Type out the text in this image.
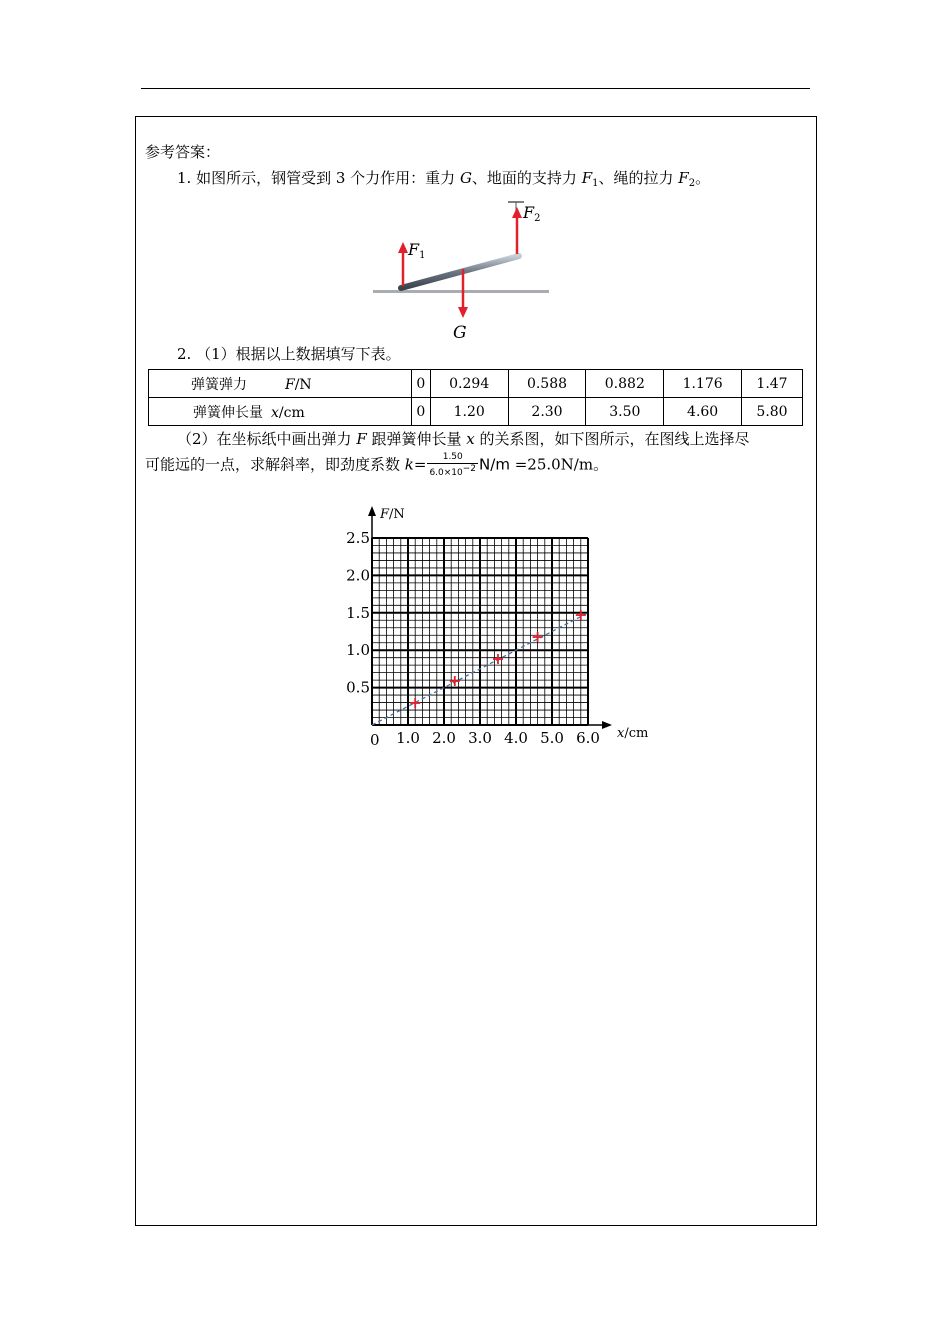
参考答案：
1. 如图所示，钢管受到 3 个力作用：重力 G、地面的支持力 $F_1$、绳的拉力 $F_2$。
F1
F2
G
2. （1）根据以上数据填写下表。
弹簧弹力 F/N	0	0.294	0.588	0.882	1.176	1.47
弹簧伸长量 x/cm	0	1.20	2.30	3.50	4.60	5.80
（2）在坐标纸中画出弹力 F 跟弹簧伸长量 x 的关系图，如下图所示，在图线上选择尽
可能远的一点，求解斜率，即劲度系数 $k= \frac{1.50}{6.0\times 10^{-2}} N/m =25.0N/m$。
1.0 2.0 3.0 4.0 5.0 6.0
0.5
1.0
1.5
2.0
2.5
F/N
x/cm
0
